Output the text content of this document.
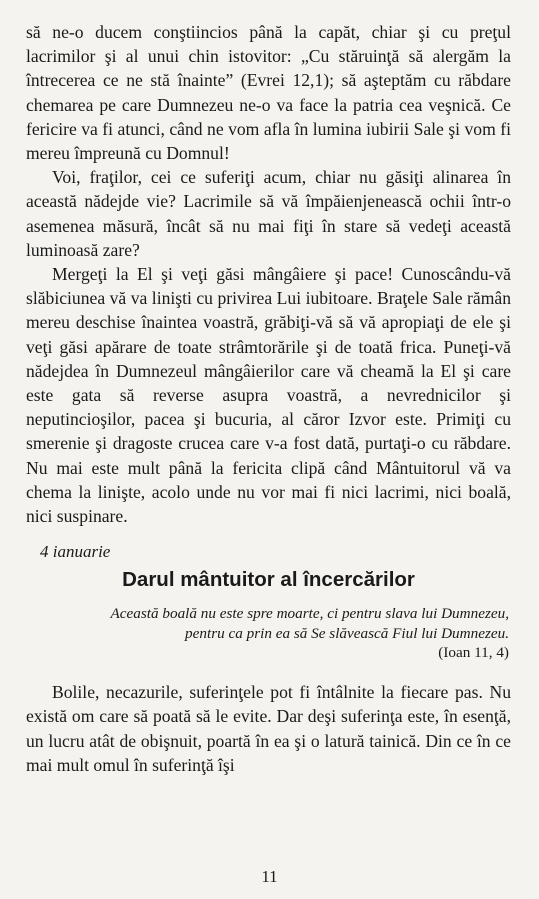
să ne-o ducem conştiincios până la capăt, chiar şi cu preţul lacrimilor şi al unui chin istovitor: „Cu stăruinţă să alergăm la întrecerea ce ne stă înainte” (Evrei 12,1); să aşteptăm cu răbdare chemarea pe care Dumnezeu ne-o va face la patria cea veşnică. Ce fericire va fi atunci, când ne vom afla în lumina iubirii Sale şi vom fi mereu împreună cu Domnul!

Voi, fraţilor, cei ce suferiţi acum, chiar nu găsiţi alinarea în această nădejde vie? Lacrimile să vă împăienjenească ochii într-o asemenea măsură, încât să nu mai fiţi în stare să vedeţi această luminoasă zare?

Mergeţi la El şi veţi găsi mângâiere şi pace! Cunoscându-vă slăbiciunea vă va linişti cu privirea Lui iubitoare. Braţele Sale rămân mereu deschise înaintea voastră, grăbiţi-vă să vă apropiaţi de ele şi veţi găsi apărare de toate strâmtorările şi de toată frica. Puneţi-vă nădejdea în Dumnezeul mângâierilor care vă cheamă la El şi care este gata să reverse asupra voastră, a nevrednicilor şi neputincioşilor, pacea şi bucuria, al căror Izvor este. Primiţi cu smerenie şi dragoste crucea care v-a fost dată, purtaţi-o cu răbdare. Nu mai este mult până la fericita clipă când Mântuitorul vă va chema la linişte, acolo unde nu vor mai fi nici lacrimi, nici boală, nici suspinare.

4 ianuarie
Darul mântuitor al încercărilor
Această boală nu este spre moarte, ci pentru slava lui Dumnezeu,
pentru ca prin ea să Se slăvească Fiul lui Dumnezeu.
(Ioan 11, 4)

Bolile, necazurile, suferinţele pot fi întâlnite la fiecare pas. Nu există om care să poată să le evite. Dar deşi suferinţa este, în esenţă, un lucru atât de obişnuit, poartă în ea şi o latură tainică. Din ce în ce mai mult omul în suferinţă îşi

11
